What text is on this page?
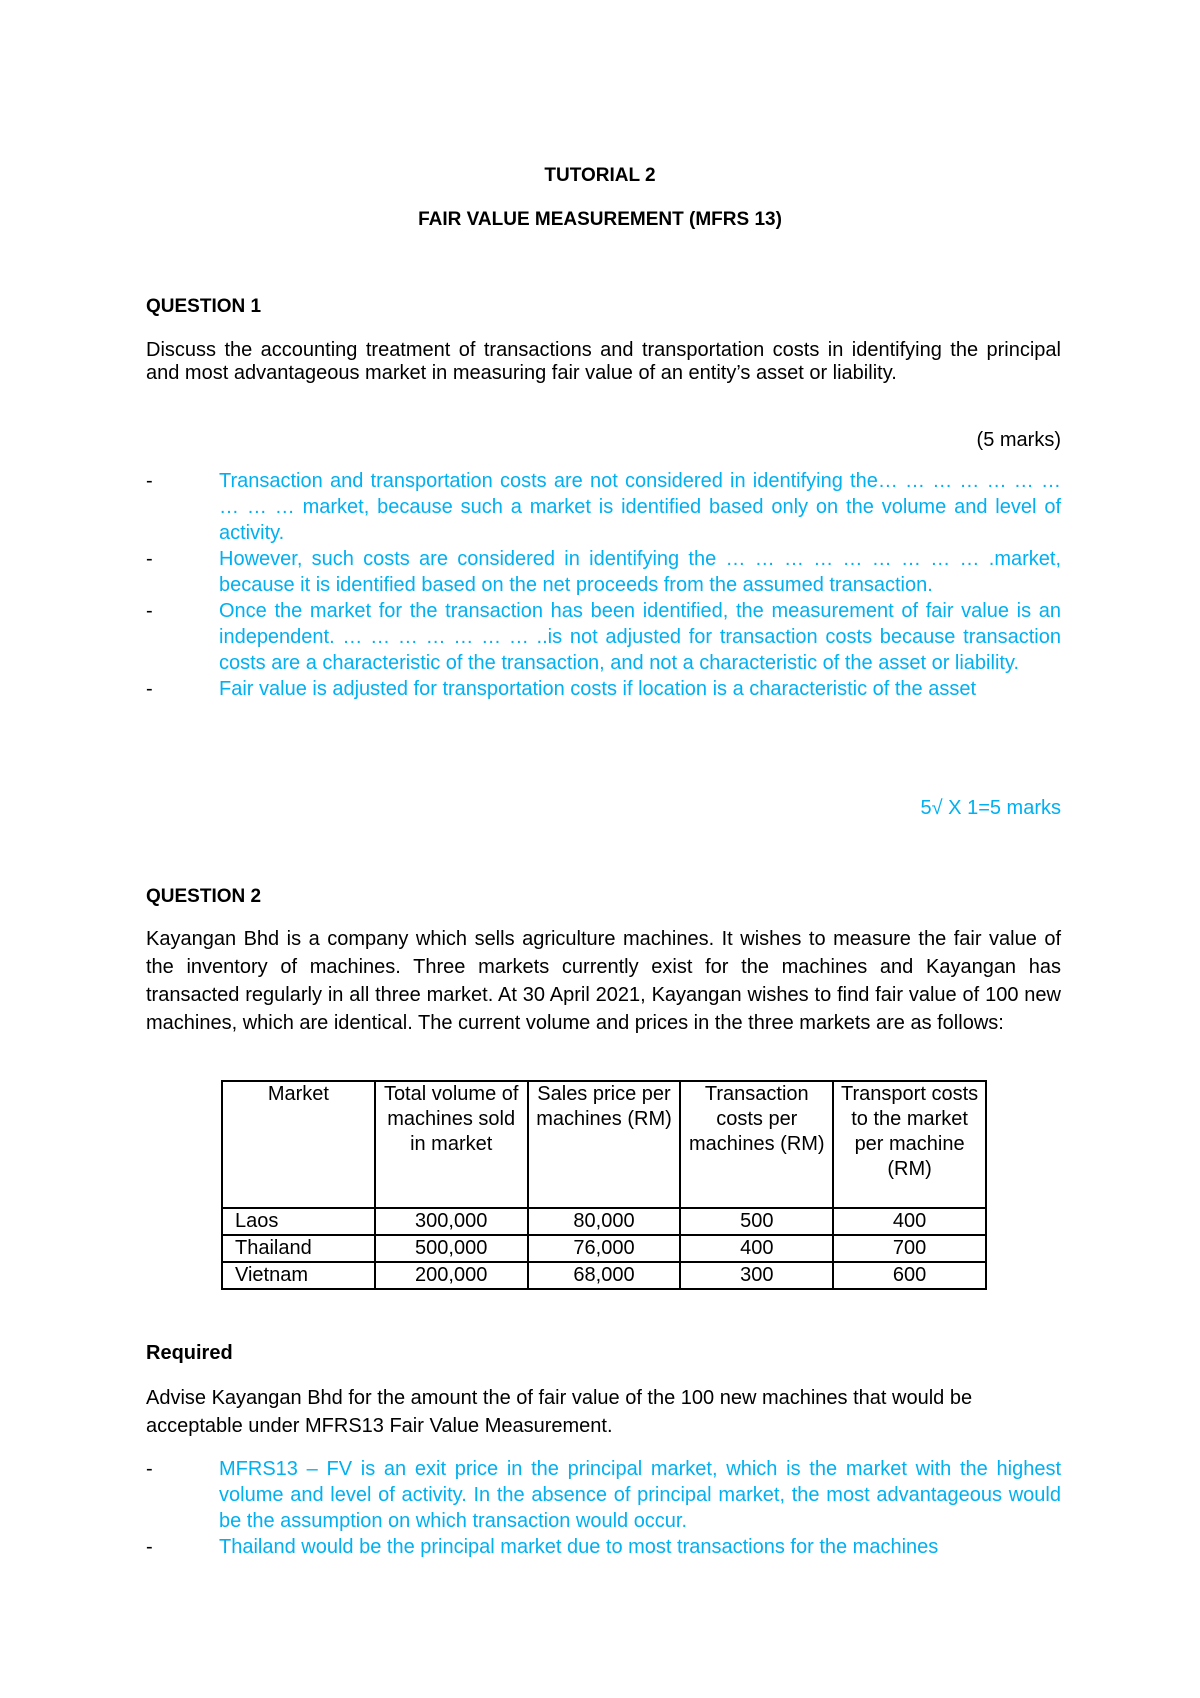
TUTORIAL 2
FAIR VALUE MEASUREMENT (MFRS 13)
QUESTION 1
Discuss the accounting treatment of transactions and transportation costs in identifying the principal and most advantageous market in measuring fair value of an entity’s asset or liability.
(5 marks)
-	Transaction and transportation costs are not considered in identifying the… … … … … … … … … … market, because such a market is identified based only on the volume and level of activity.
-	However, such costs are considered in identifying the … … … … … … … … … .market, because it is identified based on the net proceeds from the assumed transaction.
-	Once the market for the transaction has been identified, the measurement of fair value is an independent. … … … … … … … ..is not adjusted for transaction costs because transaction costs are a characteristic of the transaction, and not a characteristic of the asset or liability.
-	Fair value is adjusted for transportation costs if location is a characteristic of the asset
5√ X 1=5 marks
QUESTION 2
Kayangan Bhd is a company which sells agriculture machines. It wishes to measure the fair value of the inventory of machines. Three markets currently exist for the machines and Kayangan has transacted regularly in all three market. At 30 April 2021, Kayangan wishes to find fair value of 100 new machines, which are identical. The current volume and prices in the three markets are as follows:
Market	Total volume of machines sold in market	Sales price per machines (RM)	Transaction costs per machines (RM)	Transport costs to the market per machine (RM)
Laos	300,000	80,000	500	400
Thailand	500,000	76,000	400	700
Vietnam	200,000	68,000	300	600
Required
Advise Kayangan Bhd for the amount the of fair value of the 100 new machines that would be acceptable under MFRS13 Fair Value Measurement.
-	MFRS13 – FV is an exit price in the principal market, which is the market with the highest volume and level of activity. In the absence of principal market, the most advantageous would be the assumption on which transaction would occur.
-	Thailand would be the principal market due to most transactions for the machines
